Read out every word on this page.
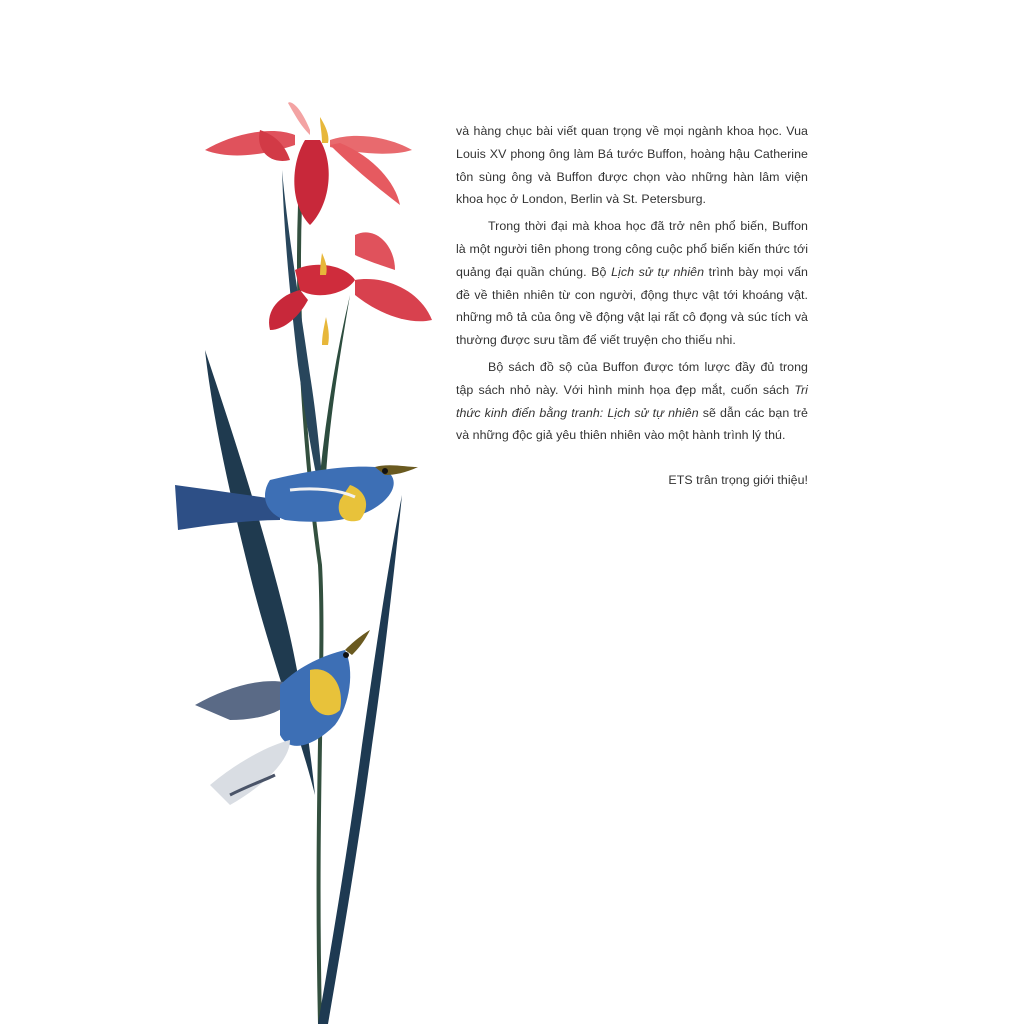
và hàng chục bài viết quan trọng về mọi ngành khoa học. Vua Louis XV phong ông làm Bá tước Buffon, hoàng hậu Catherine tôn sùng ông và Buffon được chọn vào những hàn lâm viện khoa học ở London, Berlin và St. Petersburg.

Trong thời đại mà khoa học đã trở nên phổ biến, Buffon là một người tiên phong trong công cuộc phổ biến kiến thức tới quảng đại quần chúng. Bộ Lịch sử tự nhiên trình bày mọi vấn đề về thiên nhiên từ con người, động thực vật tới khoáng vật. những mô tả của ông về động vật lại rất cô đọng và súc tích và thường được sưu tầm để viết truyện cho thiếu nhi.

Bộ sách đồ sộ của Buffon được tóm lược đầy đủ trong tập sách nhỏ này. Với hình minh họa đẹp mắt, cuốn sách Tri thức kinh điển bằng tranh: Lịch sử tự nhiên sẽ dẫn các bạn trẻ và những độc giả yêu thiên nhiên vào một hành trình lý thú.

ETS trân trọng giới thiệu!
